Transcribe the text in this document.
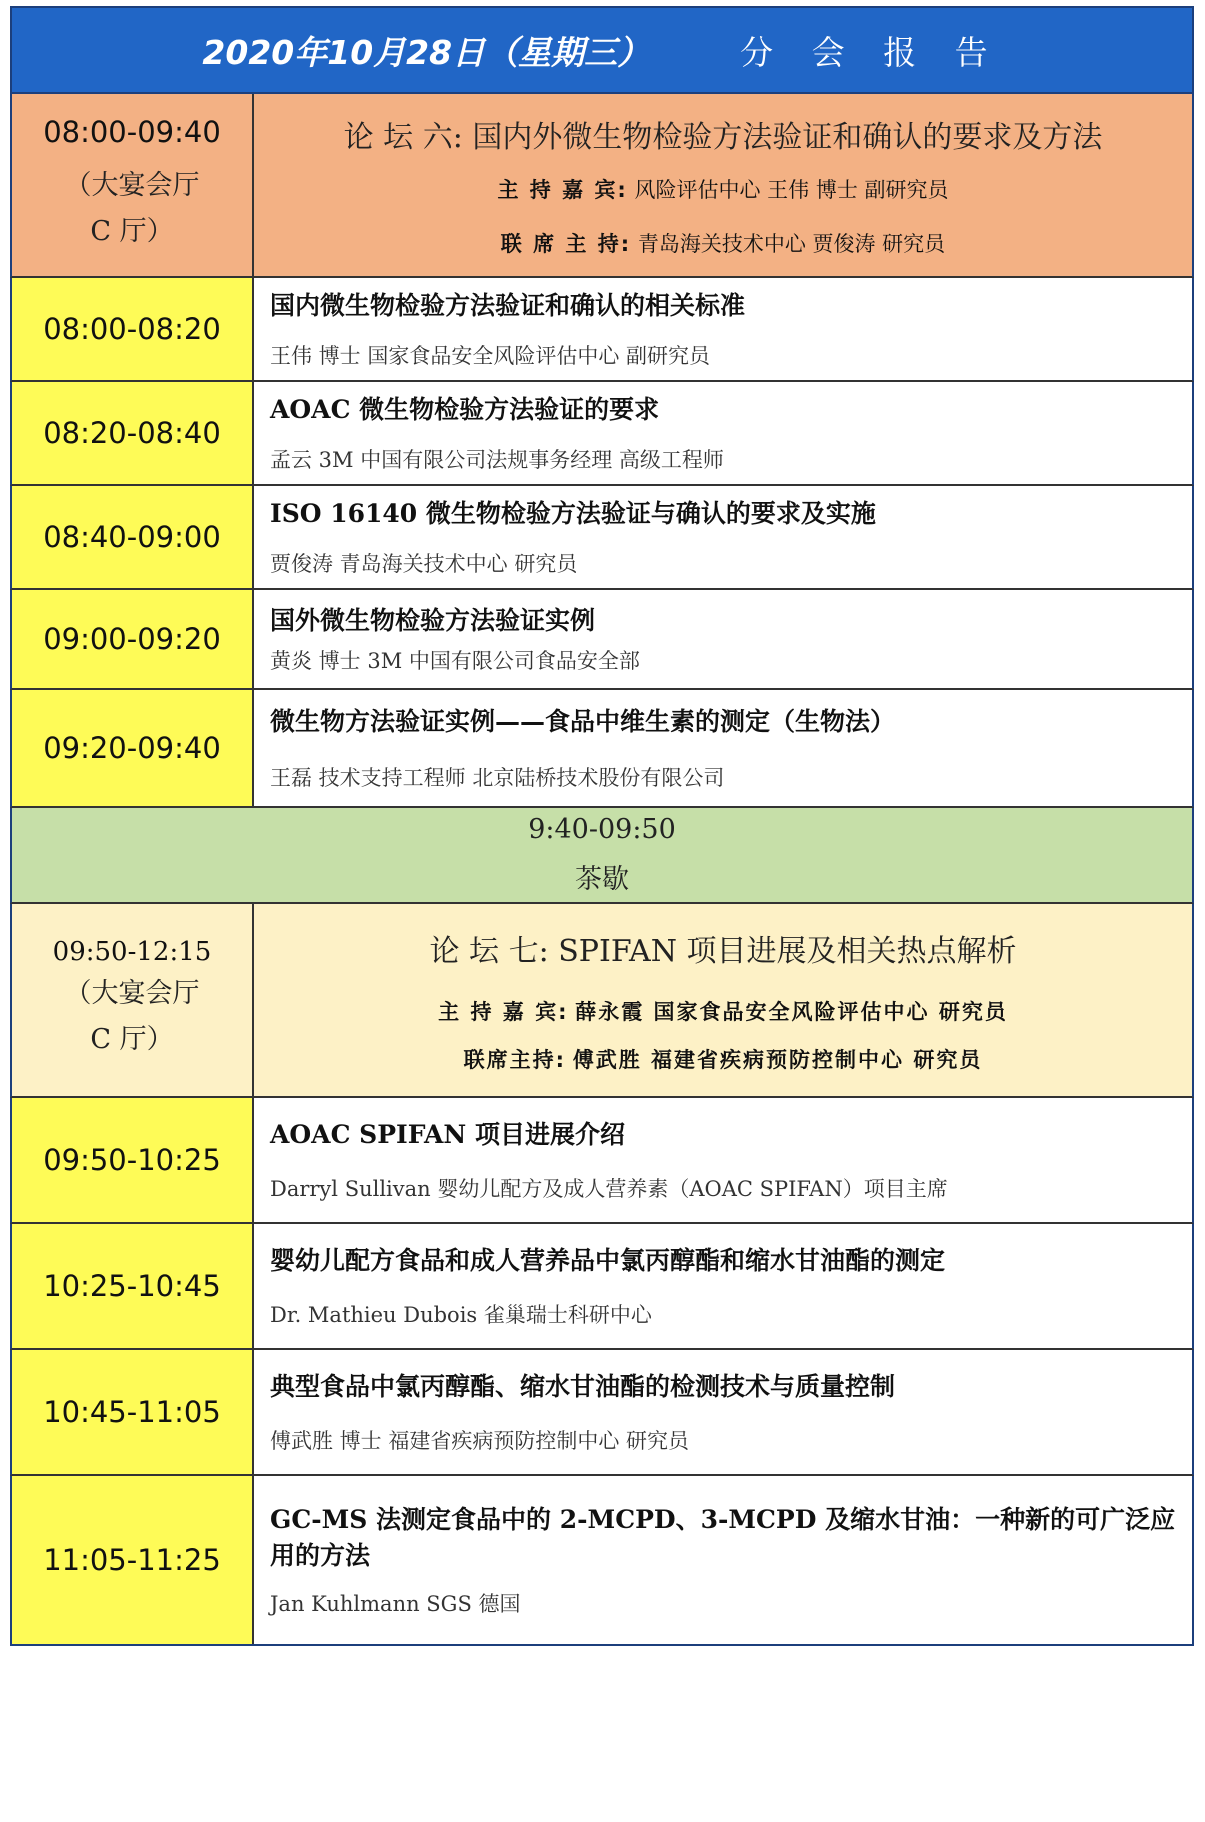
2020年10月28日（星期三）	分 会 报 告
08:00-09:40
（大宴会厅
C 厅）
论 坛 六: 国内外微生物检验方法验证和确认的要求及方法
主 持 嘉 宾: 风险评估中心 王伟 博士 副研究员
联 席 主 持: 青岛海关技术中心 贾俊涛 研究员
08:00-08:20
国内微生物检验方法验证和确认的相关标准
王伟 博士 国家食品安全风险评估中心 副研究员
08:20-08:40
AOAC 微生物检验方法验证的要求
孟云 3M 中国有限公司法规事务经理 高级工程师
08:40-09:00
ISO 16140 微生物检验方法验证与确认的要求及实施
贾俊涛 青岛海关技术中心 研究员
09:00-09:20
国外微生物检验方法验证实例
黄炎 博士 3M 中国有限公司食品安全部
09:20-09:40
微生物方法验证实例——食品中维生素的测定（生物法）
王磊 技术支持工程师 北京陆桥技术股份有限公司
9:40-09:50
茶歇
09:50-12:15
（大宴会厅
C 厅）
论 坛 七: SPIFAN 项目进展及相关热点解析
主 持 嘉 宾: 薛永霞 国家食品安全风险评估中心 研究员
联席主持: 傅武胜 福建省疾病预防控制中心 研究员
09:50-10:25
AOAC SPIFAN 项目进展介绍
Darryl Sullivan 婴幼儿配方及成人营养素（AOAC SPIFAN）项目主席
10:25-10:45
婴幼儿配方食品和成人营养品中氯丙醇酯和缩水甘油酯的测定
Dr. Mathieu Dubois 雀巢瑞士科研中心
10:45-11:05
典型食品中氯丙醇酯、缩水甘油酯的检测技术与质量控制
傅武胜 博士 福建省疾病预防控制中心 研究员
11:05-11:25
GC-MS 法测定食品中的 2-MCPD、3-MCPD 及缩水甘油：一种新的可广泛应用的方法
Jan Kuhlmann SGS 德国
